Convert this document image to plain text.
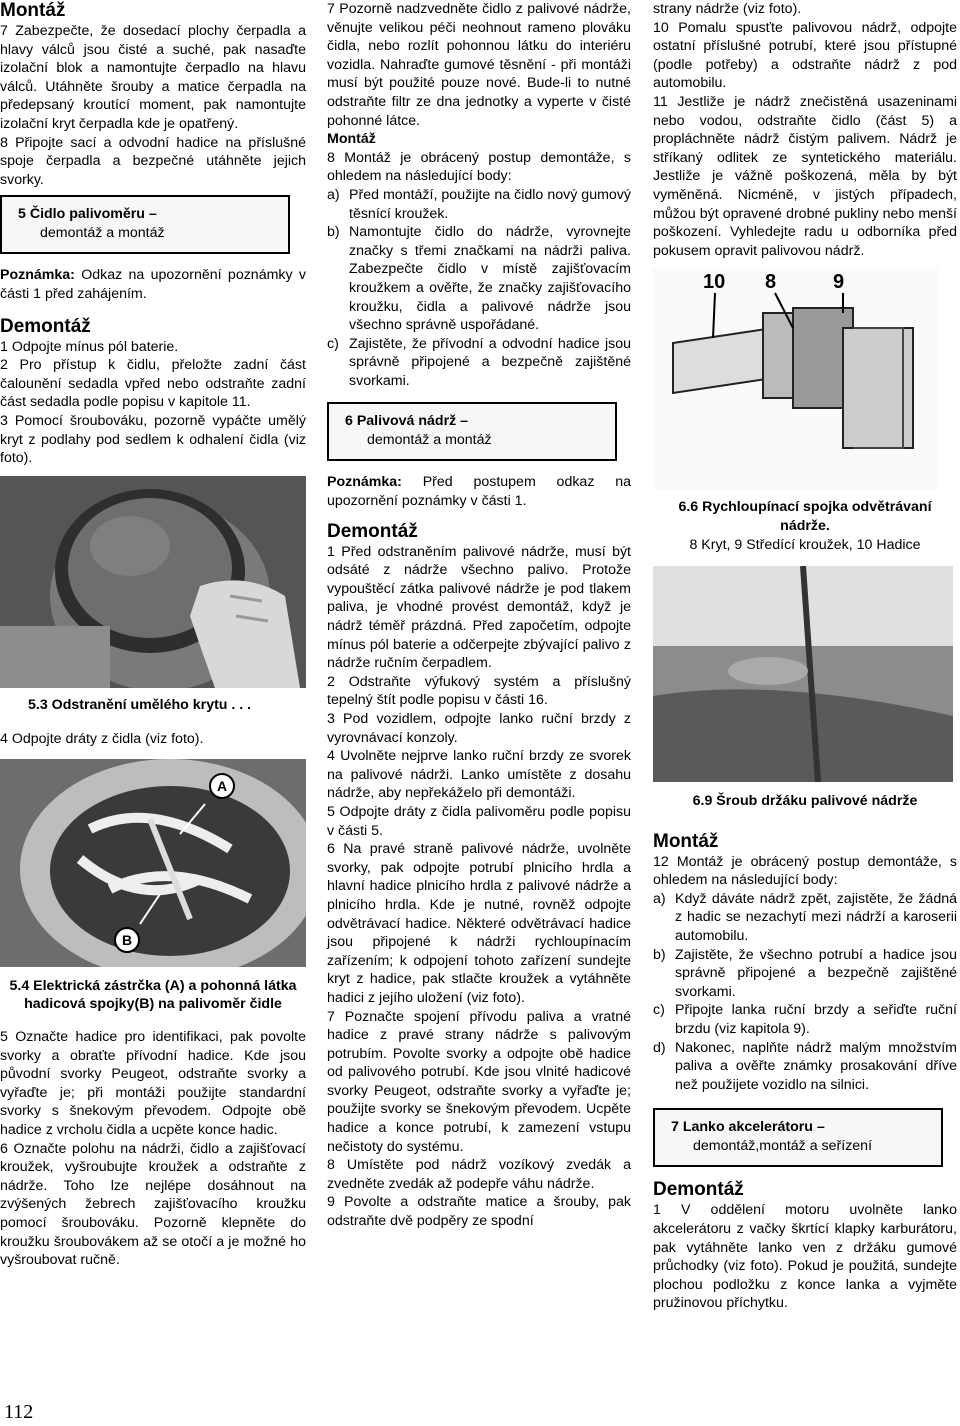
Montáž

7 Zabezpečte, že dosedací plochy čerpadla a hlavy válců jsou čisté a suché, pak nasaďte izolační blok a namontujte čerpadlo na hlavu válců. Utáhněte šrouby a matice čerpadla na předepsaný kroutící moment, pak namontujte izolační kryt čerpadla kde je opatřený.

8 Připojte sací a odvodní hadice na příslušné spoje čerpadla a bezpečné utáhněte jejich svorky.

5 Čidlo palivoměru –
demontáž a montáž

Poznámka: Odkaz na upozornění poznámky v části 1 před zahájením.

Demontáž

1 Odpojte mínus pól baterie.

2 Pro přístup k čidlu, přeložte zadní část čalounění sedadla vpřed nebo odstraňte zadní část sedadla podle popisu v kapitole 11.

3 Pomocí šroubováku, pozorně vypáčte umělý kryt z podlahy pod sedlem k odhalení čidla (viz foto).

5.3 Odstranění umělého krytu . . .

4 Odpojte dráty z čidla (viz foto).

A
B

5.4 Elektrická zástrčka (A) a pohonná látka hadicová spojky(B) na palivoměr čidle

5 Označte hadice pro identifikaci, pak povolte svorky a obraťte přívodní hadice. Kde jsou původní svorky Peugeot, odstraňte svorky a vyřaďte je; při montáži použijte standardní svorky s šnekovým převodem. Odpojte obě hadice z vrcholu čidla a ucpěte konce hadic.

6 Označte polohu na nádrži, čidlo a zajišťovací kroužek, vyšroubujte kroužek a odstraňte z nádrže. Toho lze nejlépe dosáhnout na zvýšených žebrech zajišťovacího kroužku pomocí šroubováku. Pozorně klepněte do kroužku šroubovákem až se otočí a je možné ho vyšroubovat ručně.

7 Pozorně nadzvedněte čidlo z palivové nádrže, věnujte velikou péči neohnout rameno plováku čidla, nebo rozlít pohonnou látku do interiéru vozidla. Nahraďte gumové těsnění - při montáži musí být použité pouze nové. Bude-li to nutné odstraňte filtr ze dna jednotky a vyperte v čisté pohonné látce.

Montáž

8 Montáž je obrácený postup demontáže, s ohledem na následující body:

a) Před montáží, použijte na čidlo nový gumový těsnící kroužek.
b) Namontujte čidlo do nádrže, vyrovnejte značky s třemi značkami na nádrži paliva. Zabezpečte čidlo v místě zajišťovacím kroužkem a ověřte, že značky zajišťovacího kroužku, čidla a palivové nádrže jsou všechno správně uspořádané.
c) Zajistěte, že přívodní a odvodní hadice jsou správně připojené a bezpečně zajištěné svorkami.
6 Palivová nádrž –
demontáž a montáž

Poznámka: Před postupem odkaz na upozornění poznámky v části 1.

Demontáž

1 Před odstraněním palivové nádrže, musí být odsáté z nádrže všechno palivo. Protože vypouštěcí zátka palivové nádrže je pod tlakem paliva, je vhodné provést demontáž, když je nádrž téměř prázdná. Před započetím, odpojte mínus pól baterie a odčerpejte zbývající palivo z nádrže ručním čerpadlem.

2 Odstraňte výfukový systém a příslušný tepelný štít podle popisu v části 16.

3 Pod vozidlem, odpojte lanko ruční brzdy z vyrovnávací konzoly.

4 Uvolněte nejprve lanko ruční brzdy ze svorek na palivové nádrži. Lanko umístěte z dosahu nádrže, aby nepřekáželo při demontáži.

5 Odpojte dráty z čidla palivoměru podle popisu v části 5.

6 Na pravé straně palivové nádrže, uvolněte svorky, pak odpojte potrubí plnicího hrdla a hlavní hadice plnicího hrdla z palivové nádrže a plnicího hrdla. Kde je nutné, rovněž odpojte odvětrávací hadice. Některé odvětrávací hadice jsou připojené k nádrži rychloupínacím zařízením; k odpojení tohoto zařízení sundejte kryt z hadice, pak stlačte kroužek a vytáhněte hadici z jejího uložení (viz foto).

7 Poznačte spojení přívodu paliva a vratné hadice z pravé strany nádrže s palivovým potrubím. Povolte svorky a odpojte obě hadice od palivového potrubí. Kde jsou vlnité hadicové svorky Peugeot, odstraňte svorky a vyřaďte je; použijte svorky se šnekovým převodem. Ucpěte hadice a konce potrubí, k zamezení vstupu nečistoty do systému.

8 Umístěte pod nádrž vozíkový zvedák a zvedněte zvedák až podepře váhu nádrže.

9 Povolte a odstraňte matice a šrouby, pak odstraňte dvě podpěry ze spodní

strany nádrže (viz foto).

10 Pomalu spusťte palivovou nádrž, odpojte ostatní příslušné potrubí, které jsou přístupné (podle potřeby) a odstraňte nádrž z pod automobilu.

11 Jestliže je nádrž znečistěná usazeninami nebo vodou, odstraňte čidlo (část 5) a propláchněte nádrž čistým palivem. Nádrž je stříkaný odlitek ze syntetického materiálu. Jestliže je vážně poškozená, měla by být vyměněná. Nicméně, v jistých případech, můžou být opravené drobné pukliny nebo menší poškození. Vyhledejte radu u odborníka před pokusem opravit palivovou nádrž.

10 8	9

6.6 Rychloupínací spojka odvětrávaní nádrže.

8 Kryt, 9 Středící kroužek, 10 Hadice

6.9 Šroub držáku palivové nádrže

Montáž

12 Montáž je obrácený postup demontáže, s ohledem na následující body:

a) Když dáváte nádrž zpět, zajistěte, že žádná z hadic se nezachytí mezi nádrží a karoserii automobilu.
b) Zajistěte, že všechno potrubí a hadice jsou správně připojené a bezpečně zajištěné svorkami.
c) Připojte lanka ruční brzdy a seřiďte ruční brzdu (viz kapitola 9).
d) Nakonec, naplňte nádrž malým množstvím paliva a ověřte známky prosakování dříve než použijete vozidlo na silnici.
7 Lanko akcelerátoru –
demontáž,montáž a seřízení
Demontáž

1 V oddělení motoru uvolněte lanko akcelerátoru z vačky škrtící klapky karburátoru, pak vytáhněte lanko ven z držáku gumové průchodky (viz foto). Pokud je použitá, sundejte plochou podložku z konce lanka a vyjměte pružinovou příchytku.

112
